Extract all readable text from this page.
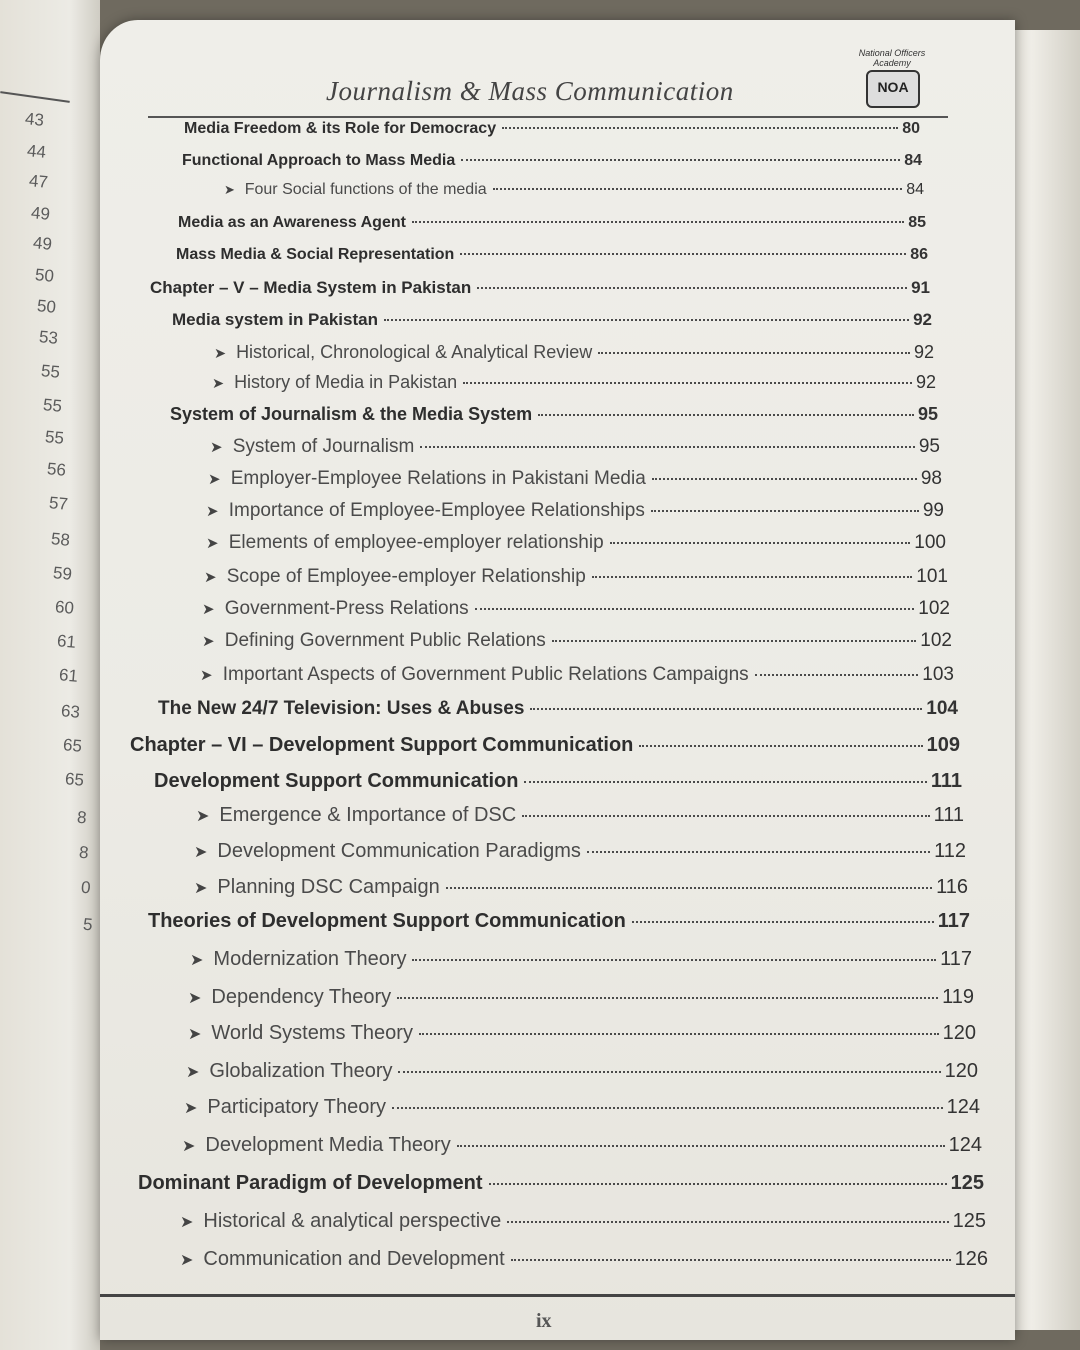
43
44
47
49
49
50
50
53
55
55
55
56
57
58
59
60
61
61
63
65
65
8
8
0
5
Journalism & Mass Communication
National Officers Academy
NOA
Media Freedom & its Role for Democracy	80
Functional Approach to Mass Media	84
➤ Four Social functions of the media	84
Media as an Awareness Agent	85
Mass Media & Social Representation	86
Chapter – V – Media System in Pakistan	91
Media system in Pakistan	92
➤ Historical, Chronological & Analytical Review	92
➤ History of Media in Pakistan	92
System of Journalism & the Media System	95
➤ System of Journalism	95
➤ Employer-Employee Relations in Pakistani Media	98
➤ Importance of Employee-Employee Relationships	99
➤ Elements of employee-employer relationship	100
➤ Scope of Employee-employer Relationship	101
➤ Government-Press Relations	102
➤ Defining Government Public Relations	102
➤ Important Aspects of Government Public Relations Campaigns	103
The New 24/7 Television: Uses & Abuses	104
Chapter – VI – Development Support Communication	109
Development Support Communication	111
➤ Emergence & Importance of DSC	111
➤ Development Communication Paradigms	112
➤ Planning DSC Campaign	116
Theories of Development Support Communication	117
➤ Modernization Theory	117
➤ Dependency Theory	119
➤ World Systems Theory	120
➤ Globalization Theory	120
➤ Participatory Theory	124
➤ Development Media Theory	124
Dominant Paradigm of Development	125
➤ Historical & analytical perspective	125
➤ Communication and Development	126
ix
